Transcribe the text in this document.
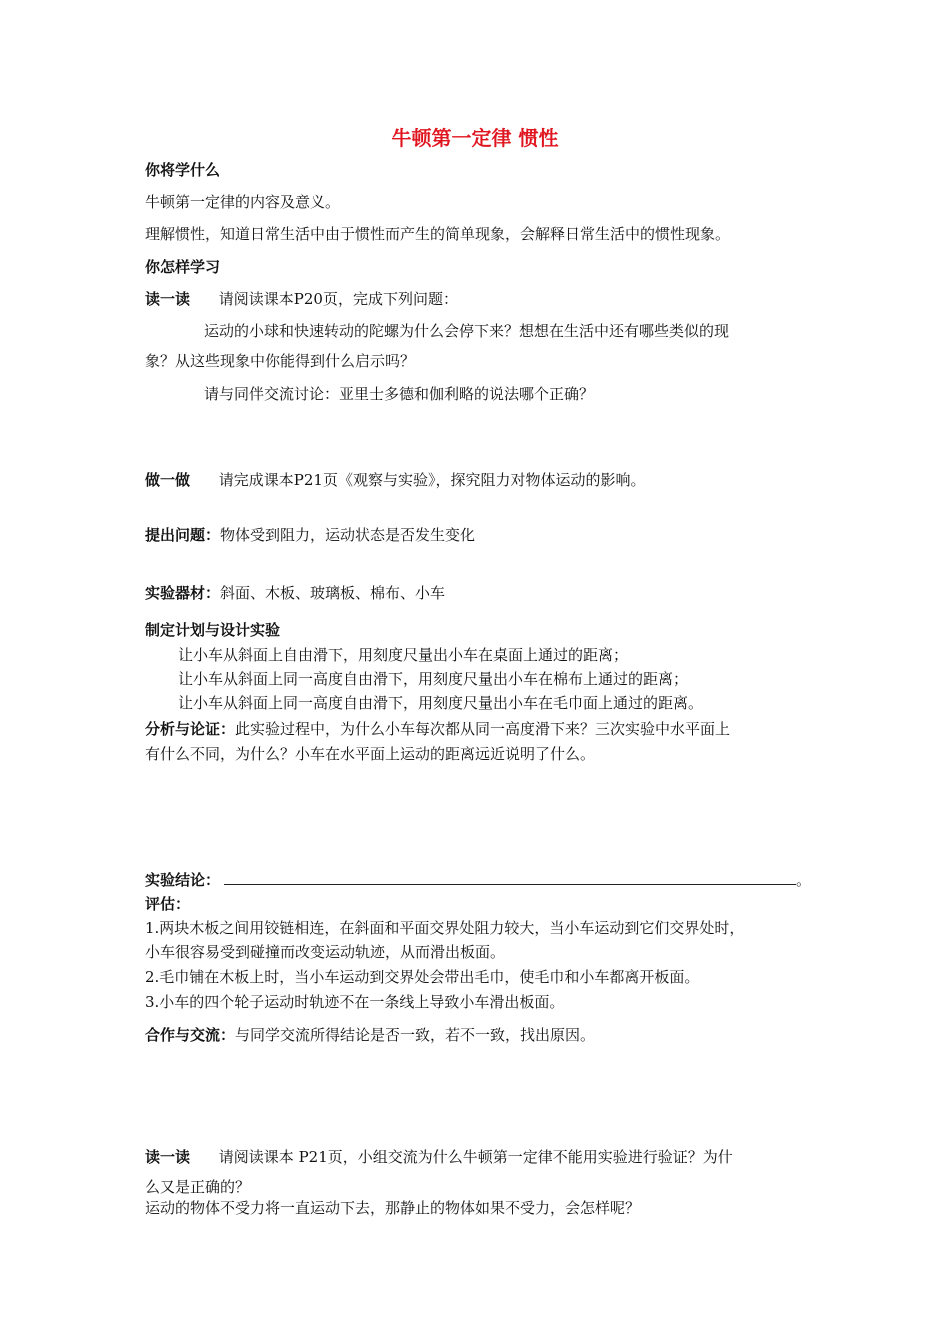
牛顿第一定律 惯性
你将学什么
牛顿第一定律的内容及意义。
理解惯性，知道日常生活中由于惯性而产生的简单现象，会解释日常生活中的惯性现象。
你怎样学习
读一读 请阅读课本P20页，完成下列问题：
运动的小球和快速转动的陀螺为什么会停下来？想想在生活中还有哪些类似的现
象？从这些现象中你能得到什么启示吗？
请与同伴交流讨论：亚里士多德和伽利略的说法哪个正确？
做一做 请完成课本P21页《观察与实验》，探究阻力对物体运动的影响。
提出问题：物体受到阻力，运动状态是否发生变化
实验器材：斜面、木板、玻璃板、棉布、小车
制定计划与设计实验
让小车从斜面上自由滑下，用刻度尺量出小车在桌面上通过的距离；
让小车从斜面上同一高度自由滑下，用刻度尺量出小车在棉布上通过的距离；
让小车从斜面上同一高度自由滑下，用刻度尺量出小车在毛巾面上通过的距离。
分析与论证：此实验过程中，为什么小车每次都从同一高度滑下来？三次实验中水平面上
有什么不同，为什么？小车在水平面上运动的距离远近说明了什么。
实验结论：	。
评估：
1.两块木板之间用铰链相连，在斜面和平面交界处阻力较大，当小车运动到它们交界处时，
小车很容易受到碰撞而改变运动轨迹，从而滑出板面。
2.毛巾铺在木板上时，当小车运动到交界处会带出毛巾，使毛巾和小车都离开板面。
3.小车的四个轮子运动时轨迹不在一条线上导致小车滑出板面。
合作与交流：与同学交流所得结论是否一致，若不一致，找出原因。
读一读 请阅读课本 P21页，小组交流为什么牛顿第一定律不能用实验进行验证？为什
么又是正确的？
运动的物体不受力将一直运动下去，那静止的物体如果不受力，会怎样呢？
